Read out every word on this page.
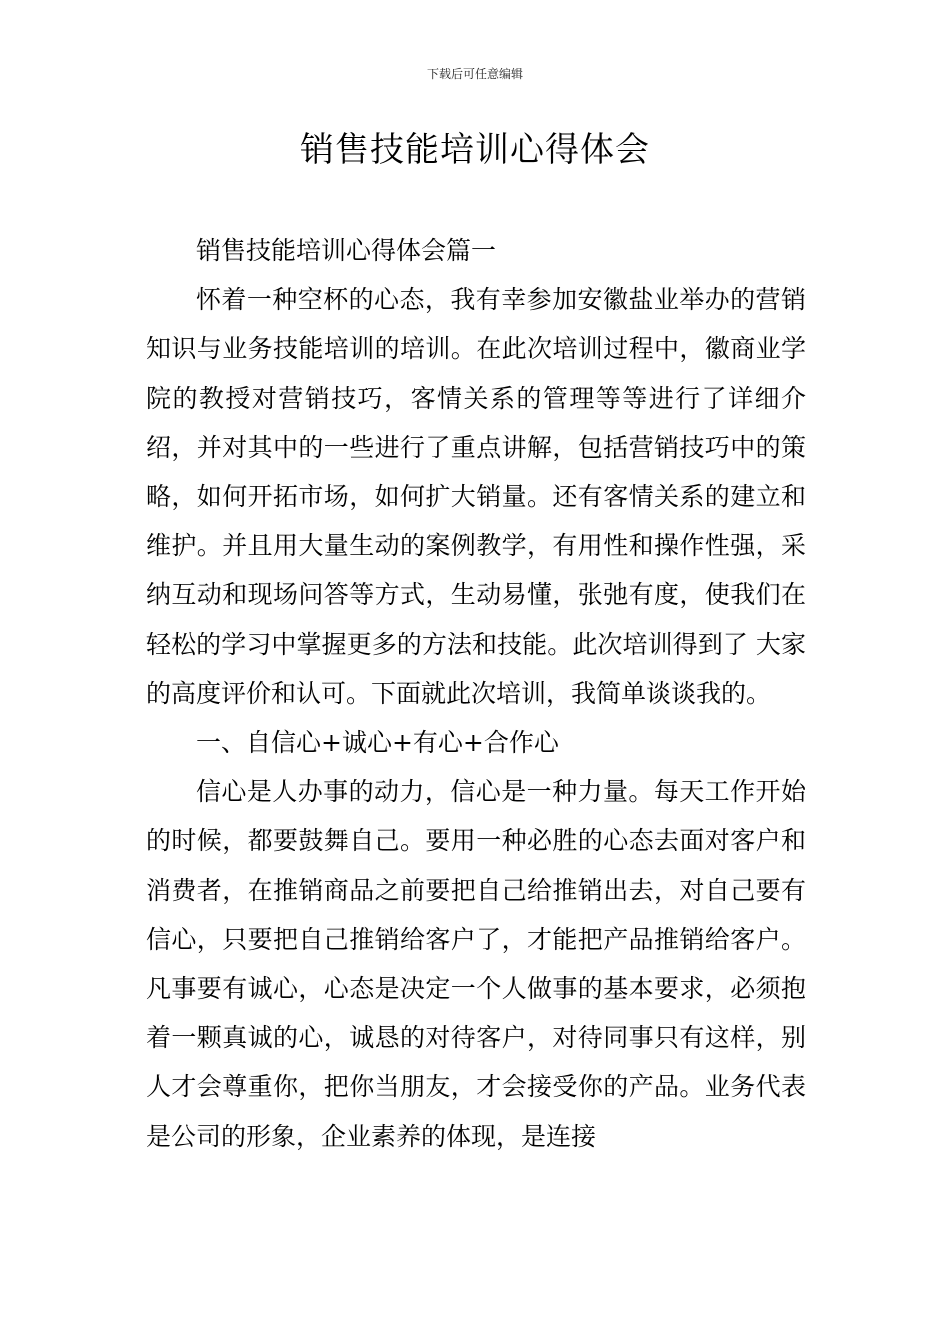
下载后可任意编辑
销售技能培训心得体会

销售技能培训心得体会篇一

怀着一种空杯的心态，我有幸参加安徽盐业举办的营销知识与业务技能培训的培训。在此次培训过程中，徽商业学院的教授对营销技巧，客情关系的管理等等进行了详细介绍，并对其中的一些进行了重点讲解，包括营销技巧中的策略，如何开拓市场，如何扩大销量。还有客情关系的建立和维护。并且用大量生动的案例教学，有用性和操作性强，采纳互动和现场问答等方式，生动易懂，张弛有度，使我们在轻松的学习中掌握更多的方法和技能。此次培训得到了 大家的高度评价和认可。下面就此次培训，我简单谈谈我的。

一、自信心+诚心+有心+合作心

信心是人办事的动力，信心是一种力量。每天工作开始的时候，都要鼓舞自己。要用一种必胜的心态去面对客户和消费者，在推销商品之前要把自己给推销出去，对自己要有信心，只要把自己推销给客户了，才能把产品推销给客户。凡事要有诚心，心态是决定一个人做事的基本要求，必须抱着一颗真诚的心，诚恳的对待客户，对待同事只有这样，别人才会尊重你，把你当朋友，才会接受你的产品。业务代表是公司的形象，企业素养的体现，是连接
